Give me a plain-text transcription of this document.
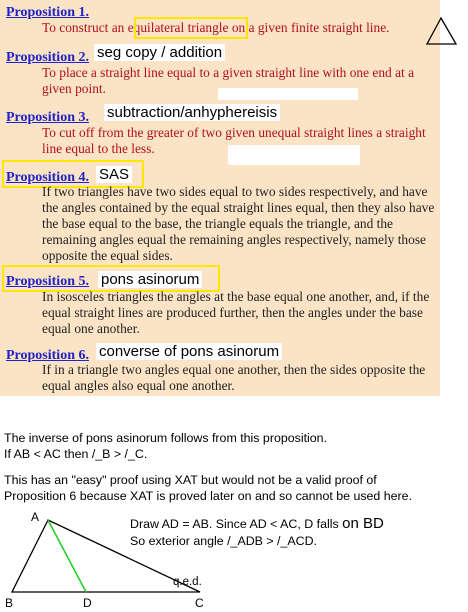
Proposition 1.

To construct an equilateral triangle on a given finite straight line.

Proposition 2. seg copy / addition

To place a straight line equal to a given straight line with one end at a given point.

Proposition 3. subtraction/anhyphereisis

To cut off from the greater of two given unequal straight lines a straight line equal to the less.

Proposition 4. SAS

If two triangles have two sides equal to two sides respectively, and have the angles contained by the equal straight lines equal, then they also have the base equal to the base, the triangle equals the triangle, and the remaining angles equal the remaining angles respectively, namely those opposite the equal sides.

Proposition 5. pons asinorum

In isosceles triangles the angles at the base equal one another, and, if the equal straight lines are produced further, then the angles under the base equal one another.

Proposition 6. converse of pons asinorum

If in a triangle two angles equal one another, then the sides opposite the equal angles also equal one another.

The inverse of pons asinorum follows from this proposition.

If AB < AC then /_B > /_C.

This has an "easy" proof using XAT but would not be a valid proof of

Proposition 6 because XAT is proved later on and so cannot be used here.

Draw AD = AB. Since AD < AC, D falls on BD

So exterior angle /_ADB > /_ACD.

A
B	C
D
q.e.d.
